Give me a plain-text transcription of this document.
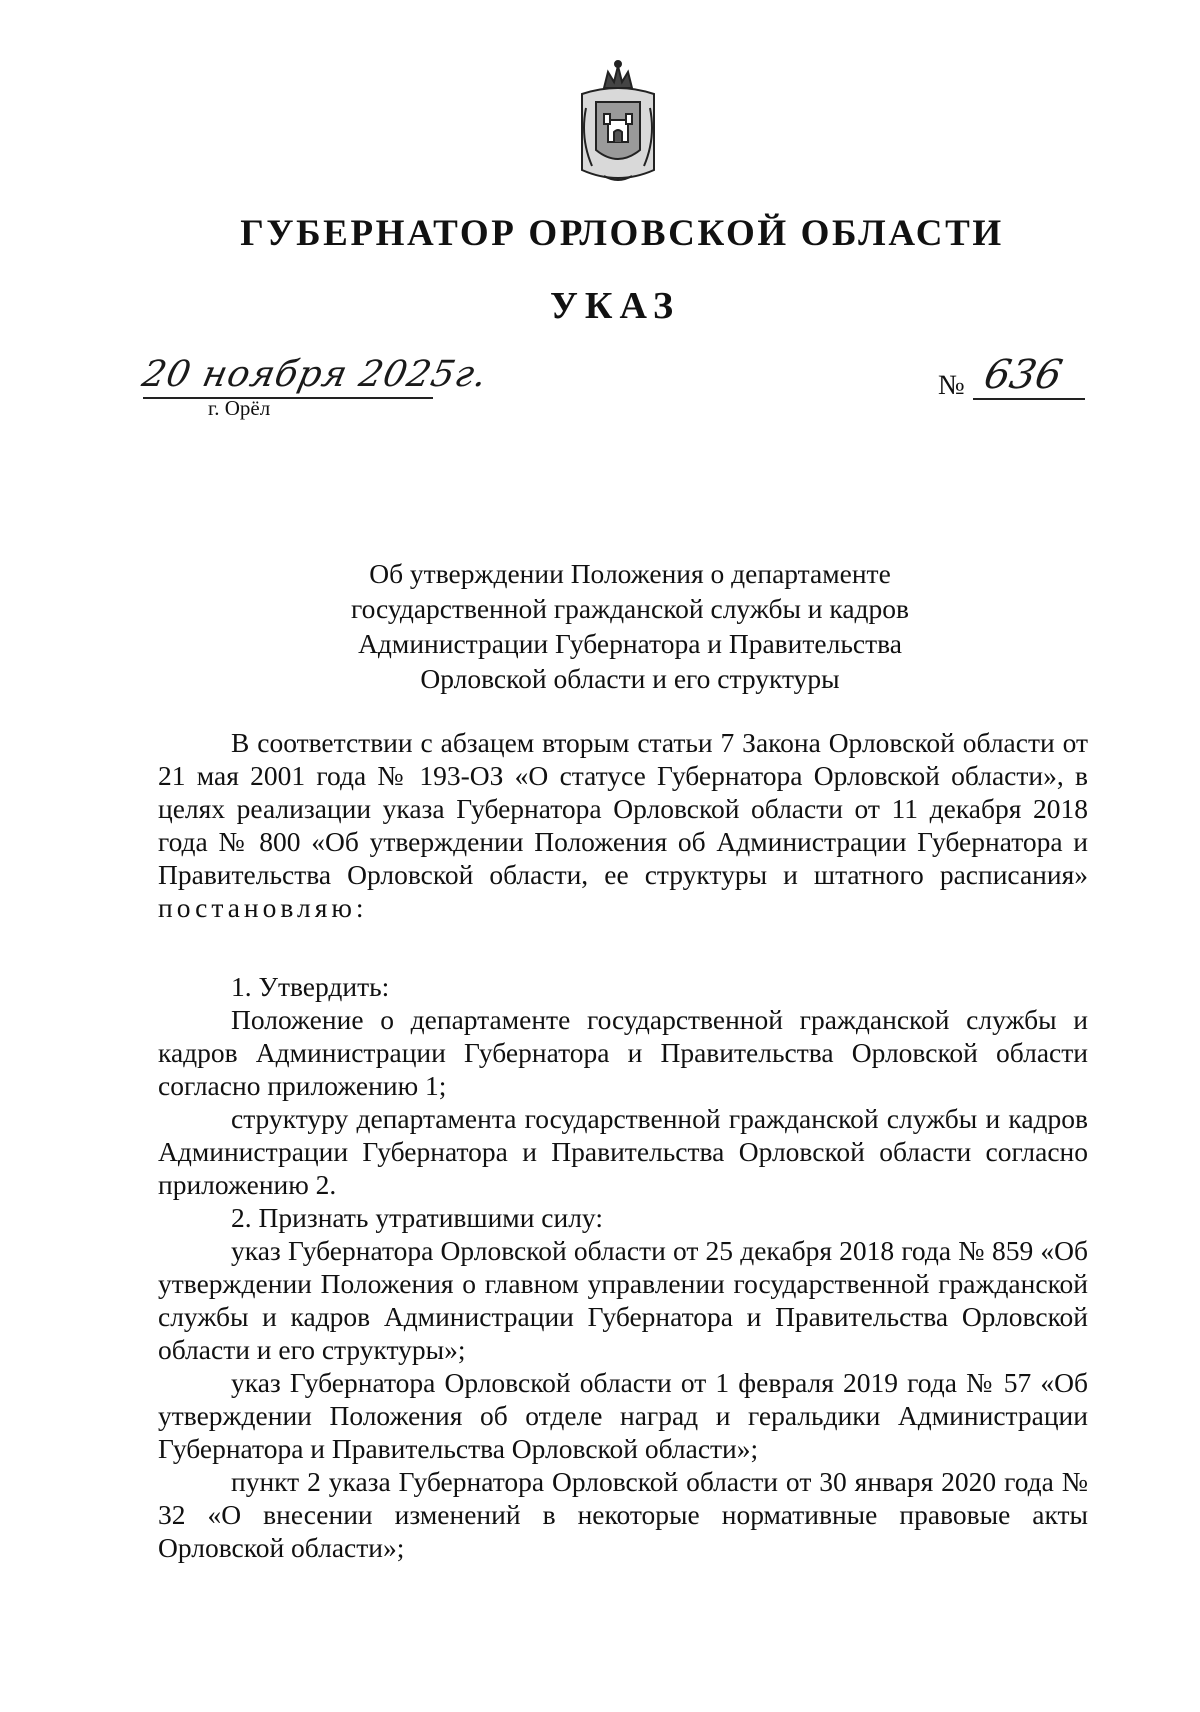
ГУБЕРНАТОР ОРЛОВСКОЙ ОБЛАСТИ
УКАЗ
20 ноября 2025г.
г. Орёл
№ 636
Об утверждении Положения о департаменте
государственной гражданской службы и кадров
Администрации Губернатора и Правительства
Орловской области и его структуры

В соответствии с абзацем вторым статьи 7 Закона Орловской области от 21 мая 2001 года № 193-ОЗ «О статусе Губернатора Орловской области», в целях реализации указа Губернатора Орловской области от 11 декабря 2018 года № 800 «Об утверждении Положения об Администрации Губернатора и Правительства Орловской области, ее структуры и штатного расписания» постановляю:

1. Утвердить:

Положение о департаменте государственной гражданской службы и кадров Администрации Губернатора и Правительства Орловской области согласно приложению 1;

структуру департамента государственной гражданской службы и кадров Администрации Губернатора и Правительства Орловской области согласно приложению 2.

2. Признать утратившими силу:

указ Губернатора Орловской области от 25 декабря 2018 года № 859 «Об утверждении Положения о главном управлении государственной гражданской службы и кадров Администрации Губернатора и Правительства Орловской области и его структуры»;

указ Губернатора Орловской области от 1 февраля 2019 года № 57 «Об утверждении Положения об отделе наград и геральдики Администрации Губернатора и Правительства Орловской области»;

пункт 2 указа Губернатора Орловской области от 30 января 2020 года № 32 «О внесении изменений в некоторые нормативные правовые акты Орловской области»;
